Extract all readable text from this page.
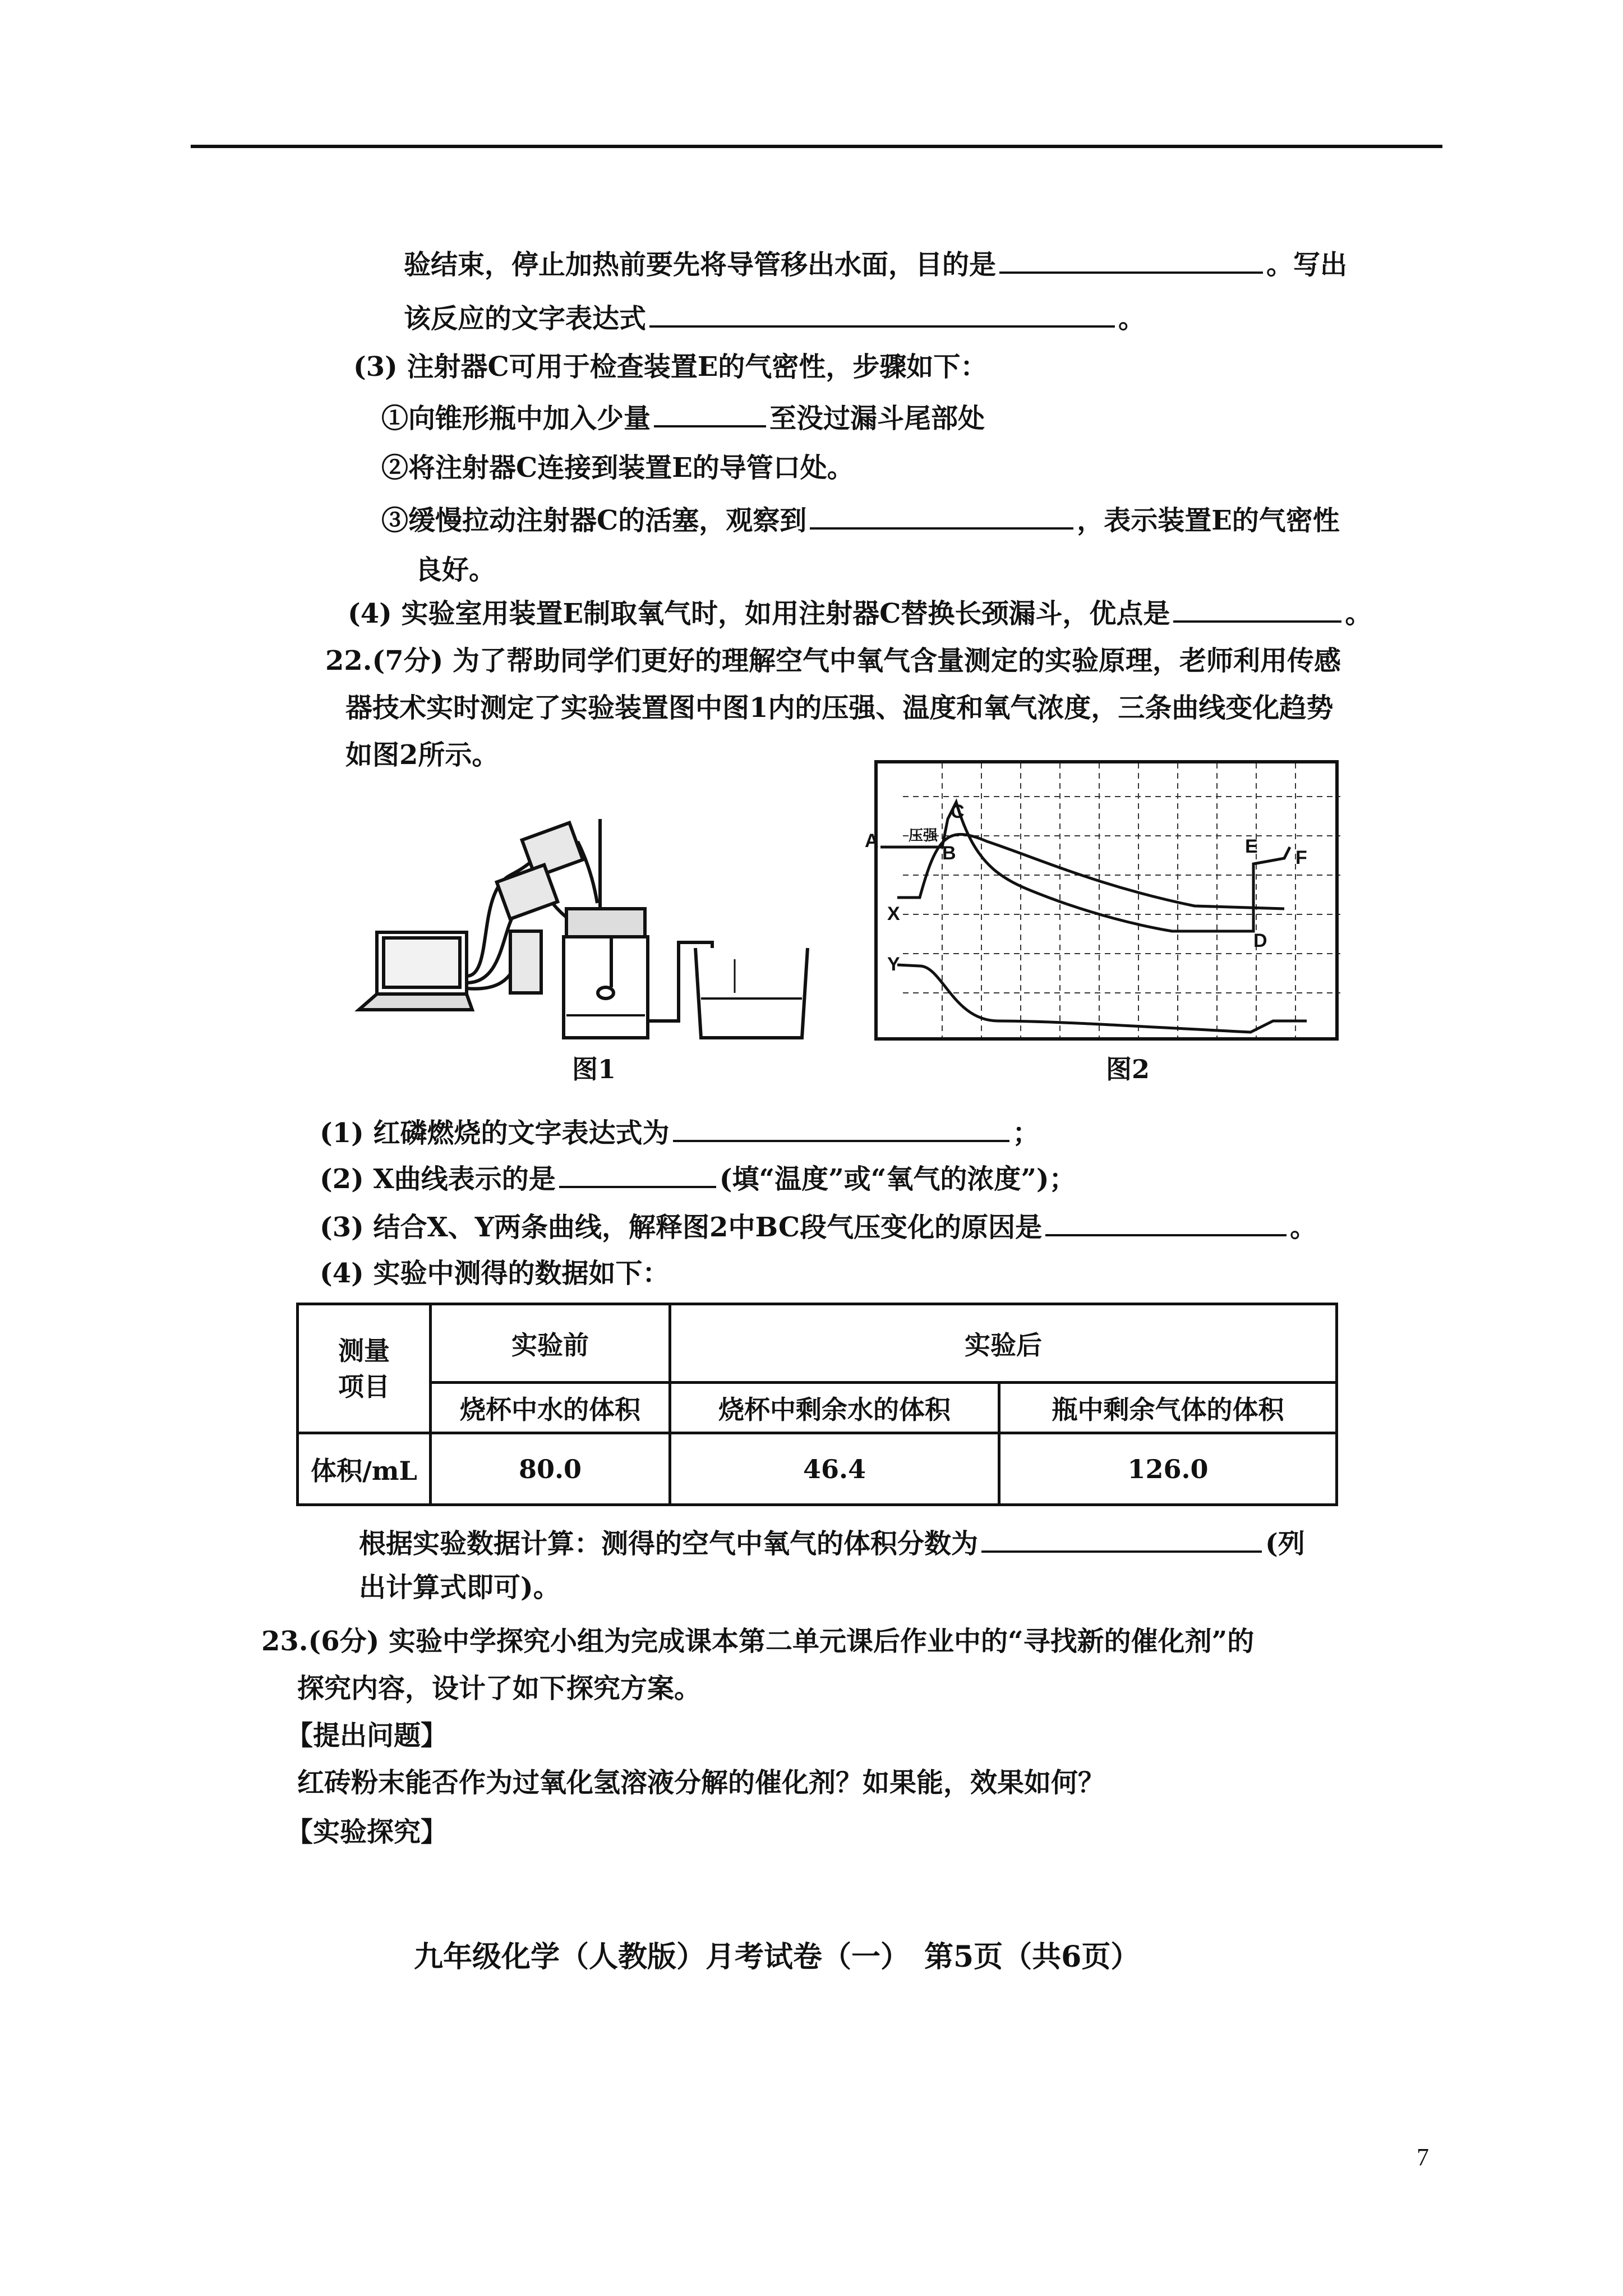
验结束，停止加热前要先将导管移出水面，目的是	。写出
该反应的文字表达式	。
(3) 注射器C可用于检查装置E的气密性，步骤如下：
①向锥形瓶中加入少量	至没过漏斗尾部处
②将注射器C连接到装置E的导管口处。
③缓慢拉动注射器C的活塞，观察到	，表示装置E的气密性
良好。
(4) 实验室用装置E制取氧气时，如用注射器C替换长颈漏斗，优点是	。
22.(7分) 为了帮助同学们更好的理解空气中氧气含量测定的实验原理，老师利用传感
器技术实时测定了实验装置图中图1内的压强、温度和氧气浓度，三条曲线变化趋势
如图2所示。
图1
A 压强
B
C
E
F
X
Y
D
图2
(1) 红磷燃烧的文字表达式为	；
(2) X曲线表示的是	(填“温度”或“氧气的浓度”)；
(3) 结合X、Y两条曲线，解释图2中BC段气压变化的原因是	。
(4) 实验中测得的数据如下：
测量
项目	实验前	实验后	
	烧杯中水的体积	烧杯中剩余水的体积	瓶中剩余气体的体积
体积/mL	80.0	46.4	126.0
根据实验数据计算：测得的空气中氧气的体积分数为	(列
出计算式即可)。
23.(6分) 实验中学探究小组为完成课本第二单元课后作业中的“寻找新的催化剂”的
探究内容，设计了如下探究方案。
【提出问题】
红砖粉末能否作为过氧化氢溶液分解的催化剂？如果能，效果如何？
【实验探究】
九年级化学（人教版）月考试卷（一）　第5页（共6页）
7
